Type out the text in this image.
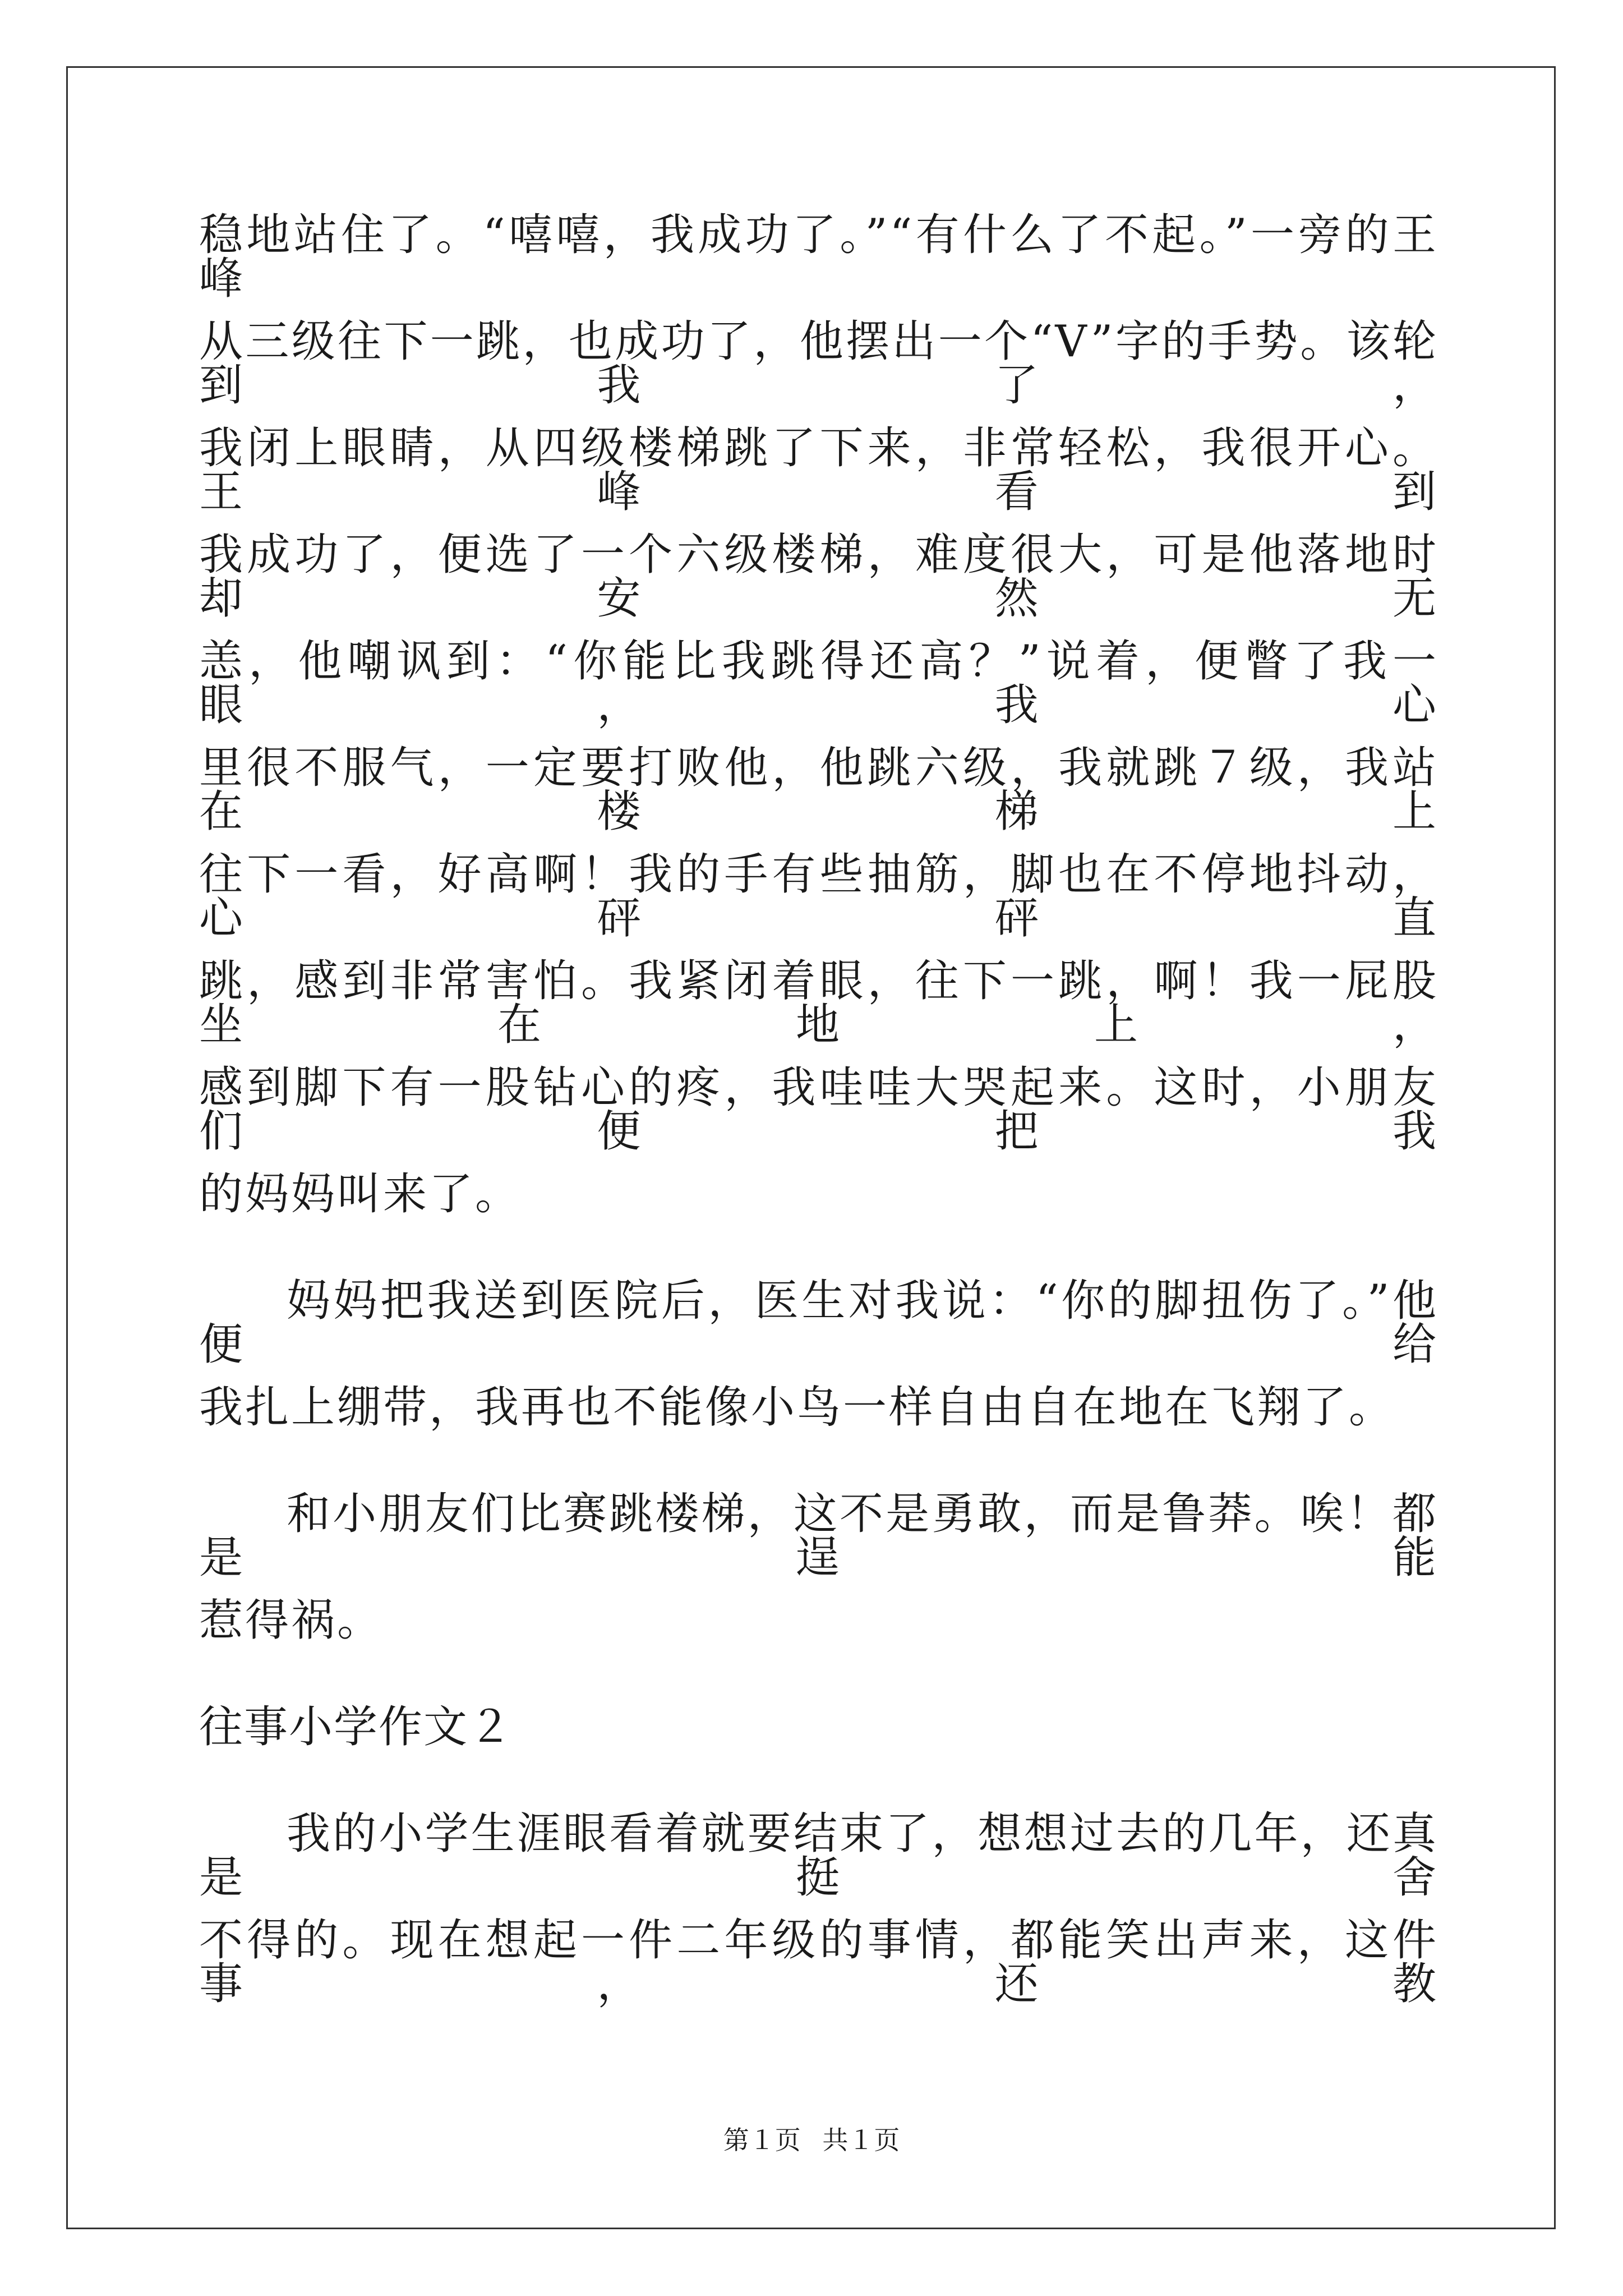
稳地站住了。“嘻嘻，我成功了。”“有什么了不起。”一旁的王峰
从三级往下一跳，也成功了，他摆出一个“V”字的手势。该轮到我了，
我闭上眼睛，从四级楼梯跳了下来，非常轻松，我很开心。王峰看到
我成功了，便选了一个六级楼梯，难度很大，可是他落地时却安然无
恙，他嘲讽到：“你能比我跳得还高？”说着，便瞥了我一眼，我心
里很不服气，一定要打败他，他跳六级，我就跳７级，我站在楼梯上
往下一看，好高啊！我的手有些抽筋，脚也在不停地抖动，心砰砰直
跳，感到非常害怕。我紧闭着眼，往下一跳，啊！我一屁股坐在地上，
感到脚下有一股钻心的疼，我哇哇大哭起来。这时，小朋友们便把我
的妈妈叫来了。
妈妈把我送到医院后，医生对我说：“你的脚扭伤了。”他便给
我扎上绷带，我再也不能像小鸟一样自由自在地在飞翔了。
和小朋友们比赛跳楼梯，这不是勇敢，而是鲁莽。唉！都是逞能
惹得祸。
往事小学作文２
我的小学生涯眼看着就要结束了，想想过去的几年，还真是挺舍
不得的。现在想起一件二年级的事情，都能笑出声来，这件事，还教
第１页 共１页
